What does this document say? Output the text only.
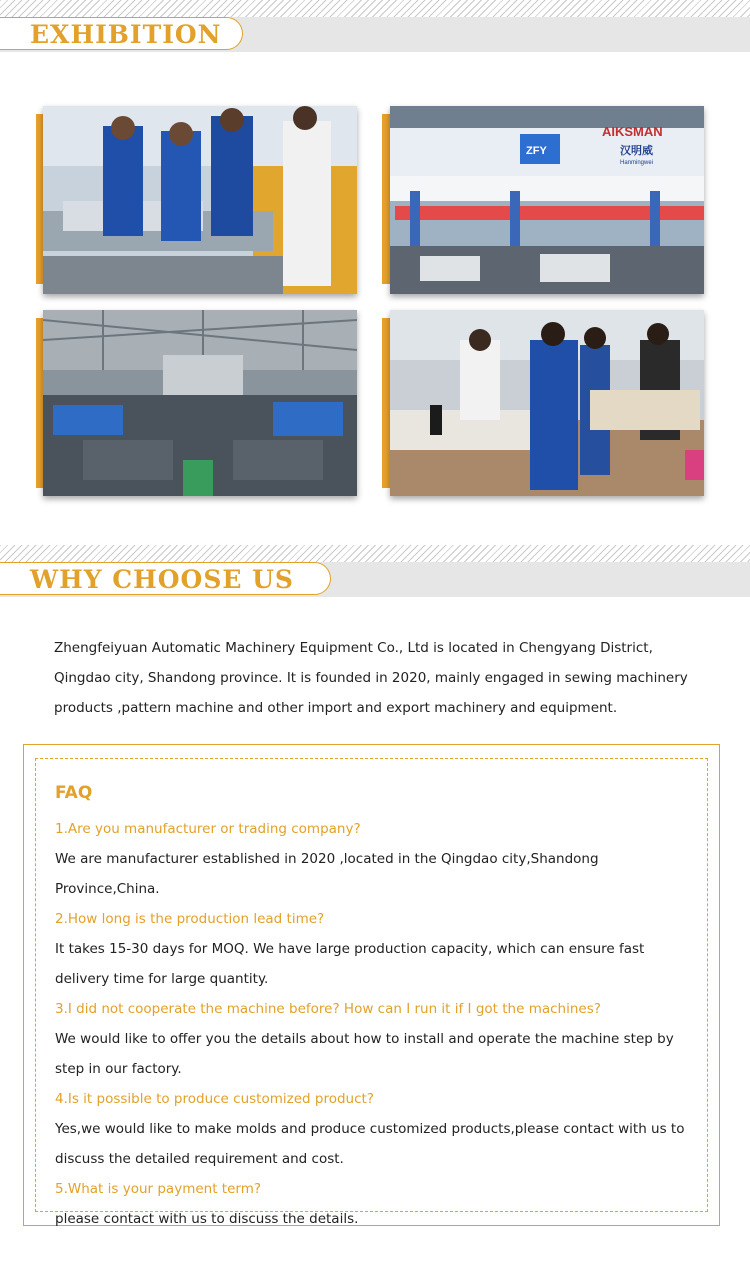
EXHIBITION
AIKSMAN
汉明威
Hanmingwei
ZFY
WHY CHOOSE US
Zhengfeiyuan Automatic Machinery Equipment Co., Ltd is located in Chengyang District, Qingdao city, Shandong province. It is founded in 2020, mainly engaged in sewing machinery products ,pattern machine and other import and export machinery and equipment.
FAQ
1.Are you manufacturer or trading company?
We are manufacturer established in 2020 ,located in the Qingdao city,Shandong Province,China.
2.How long is the production lead time?
It takes 15-30 days for MOQ. We have large production capacity, which can ensure fast delivery time for large quantity.
3.I did not cooperate the machine before? How can I run it if I got the machines?
We would like to offer you the details about how to install and operate the machine step by step in our factory.
4.Is it possible to produce customized product?
Yes,we would like to make molds and produce customized products,please contact with us to discuss the detailed requirement and cost.
5.What is your payment term?
please contact with us to discuss the details.
